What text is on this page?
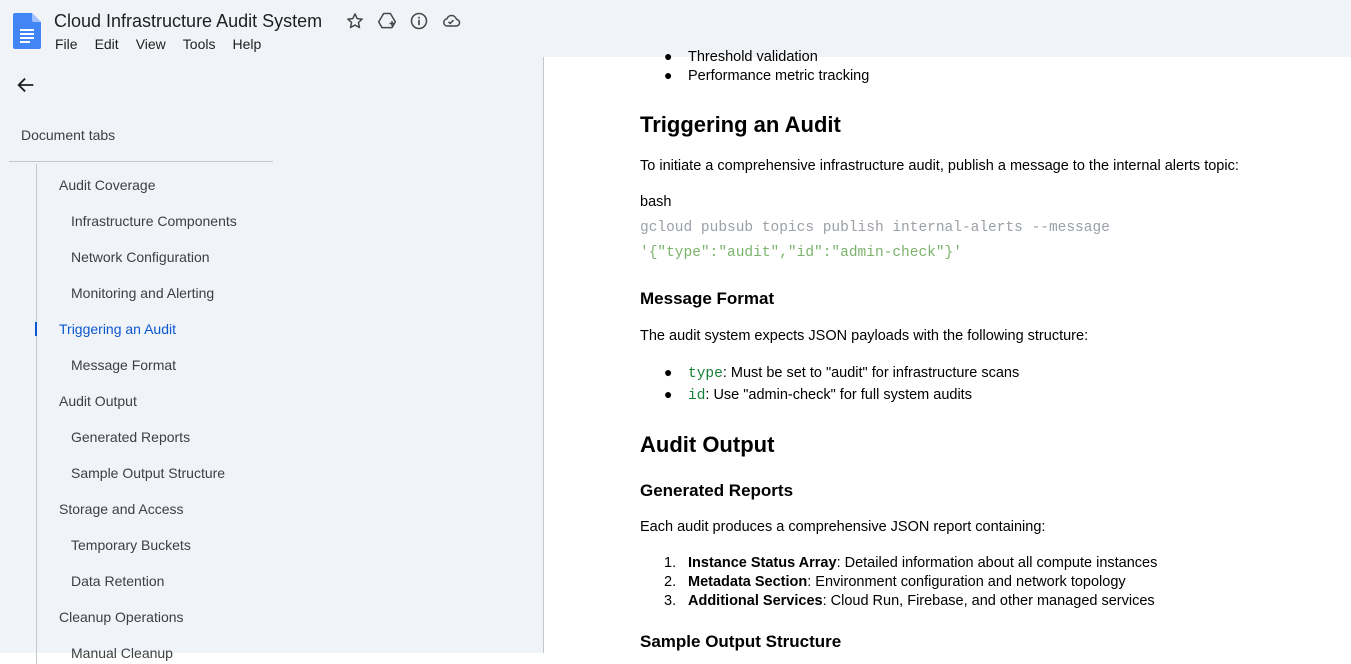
Cloud Infrastructure Audit System
File Edit View Tools Help
Document tabs
Audit Coverage
Infrastructure Components
Network Configuration
Monitoring and Alerting
Triggering an Audit
Message Format
Audit Output
Generated Reports
Sample Output Structure
Storage and Access
Temporary Buckets
Data Retention
Cleanup Operations
Manual Cleanup
● Threshold validation
● Performance metric tracking
Triggering an Audit
To initiate a comprehensive infrastructure audit, publish a message to the internal alerts topic:
bash
gcloud pubsub topics publish internal-alerts --message
'{"type":"audit","id":"admin-check"}'
Message Format
The audit system expects JSON payloads with the following structure:
● type: Must be set to "audit" for infrastructure scans
● id: Use "admin-check" for full system audits
Audit Output
Generated Reports
Each audit produces a comprehensive JSON report containing:
1. Instance Status Array: Detailed information about all compute instances
2. Metadata Section: Environment configuration and network topology
3. Additional Services: Cloud Run, Firebase, and other managed services
Sample Output Structure
